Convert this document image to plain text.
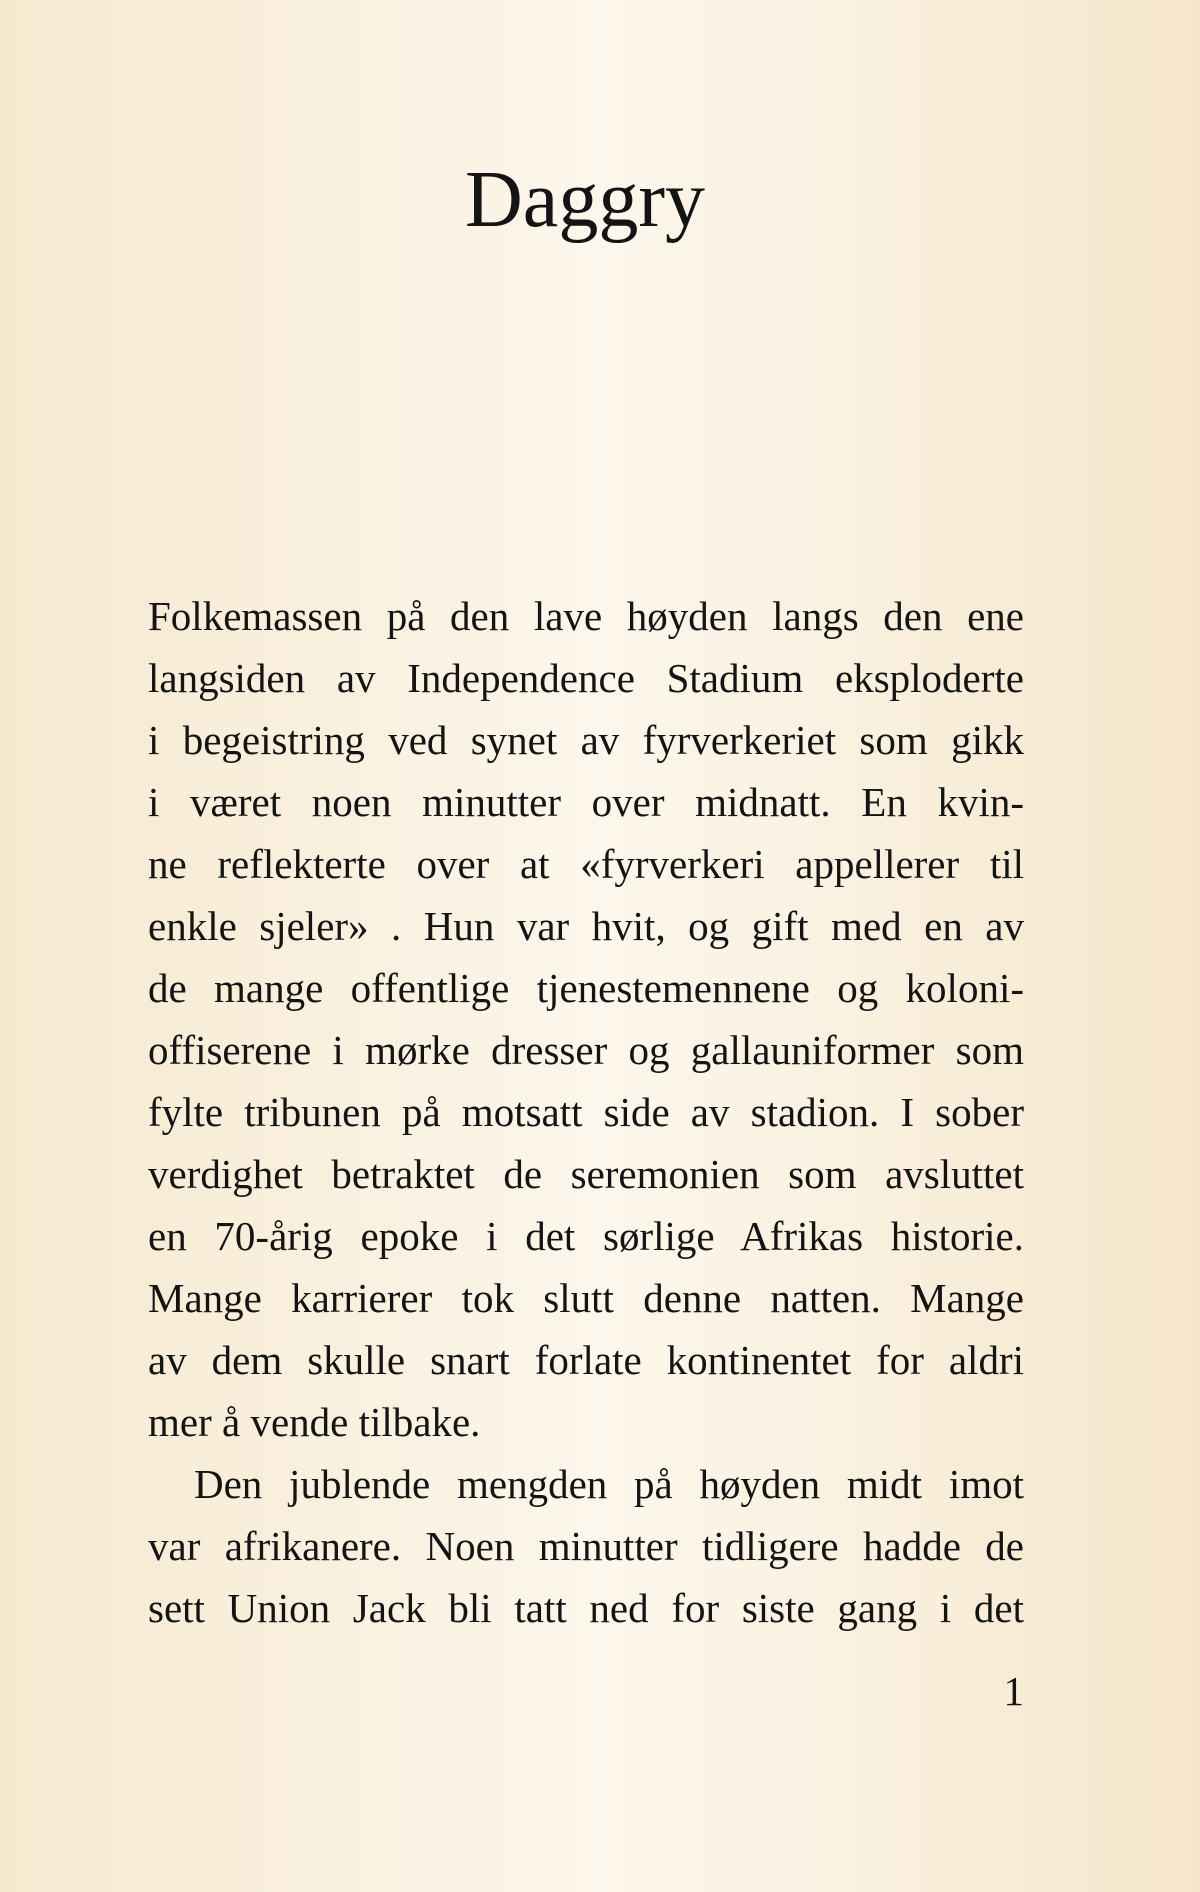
Daggry
Folkemassen på den lave høyden langs den ene
langsiden av Independence Stadium eksploderte
i begeistring ved synet av fyrverkeriet som gikk
i været noen minutter over midnatt. En kvin-
ne reflekterte over at «fyrverkeri appellerer til
enkle sjeler» . Hun var hvit, og gift med en av
de mange offentlige tjenestemennene og koloni-
offiserene i mørke dresser og gallauniformer som
fylte tribunen på motsatt side av stadion. I sober
verdighet betraktet de seremonien som avsluttet
en 70-årig epoke i det sørlige Afrikas historie.
Mange karrierer tok slutt denne natten. Mange
av dem skulle snart forlate kontinentet for aldri
mer å vende tilbake.
Den jublende mengden på høyden midt imot
var afrikanere. Noen minutter tidligere hadde de
sett Union Jack bli tatt ned for siste gang i det
1
